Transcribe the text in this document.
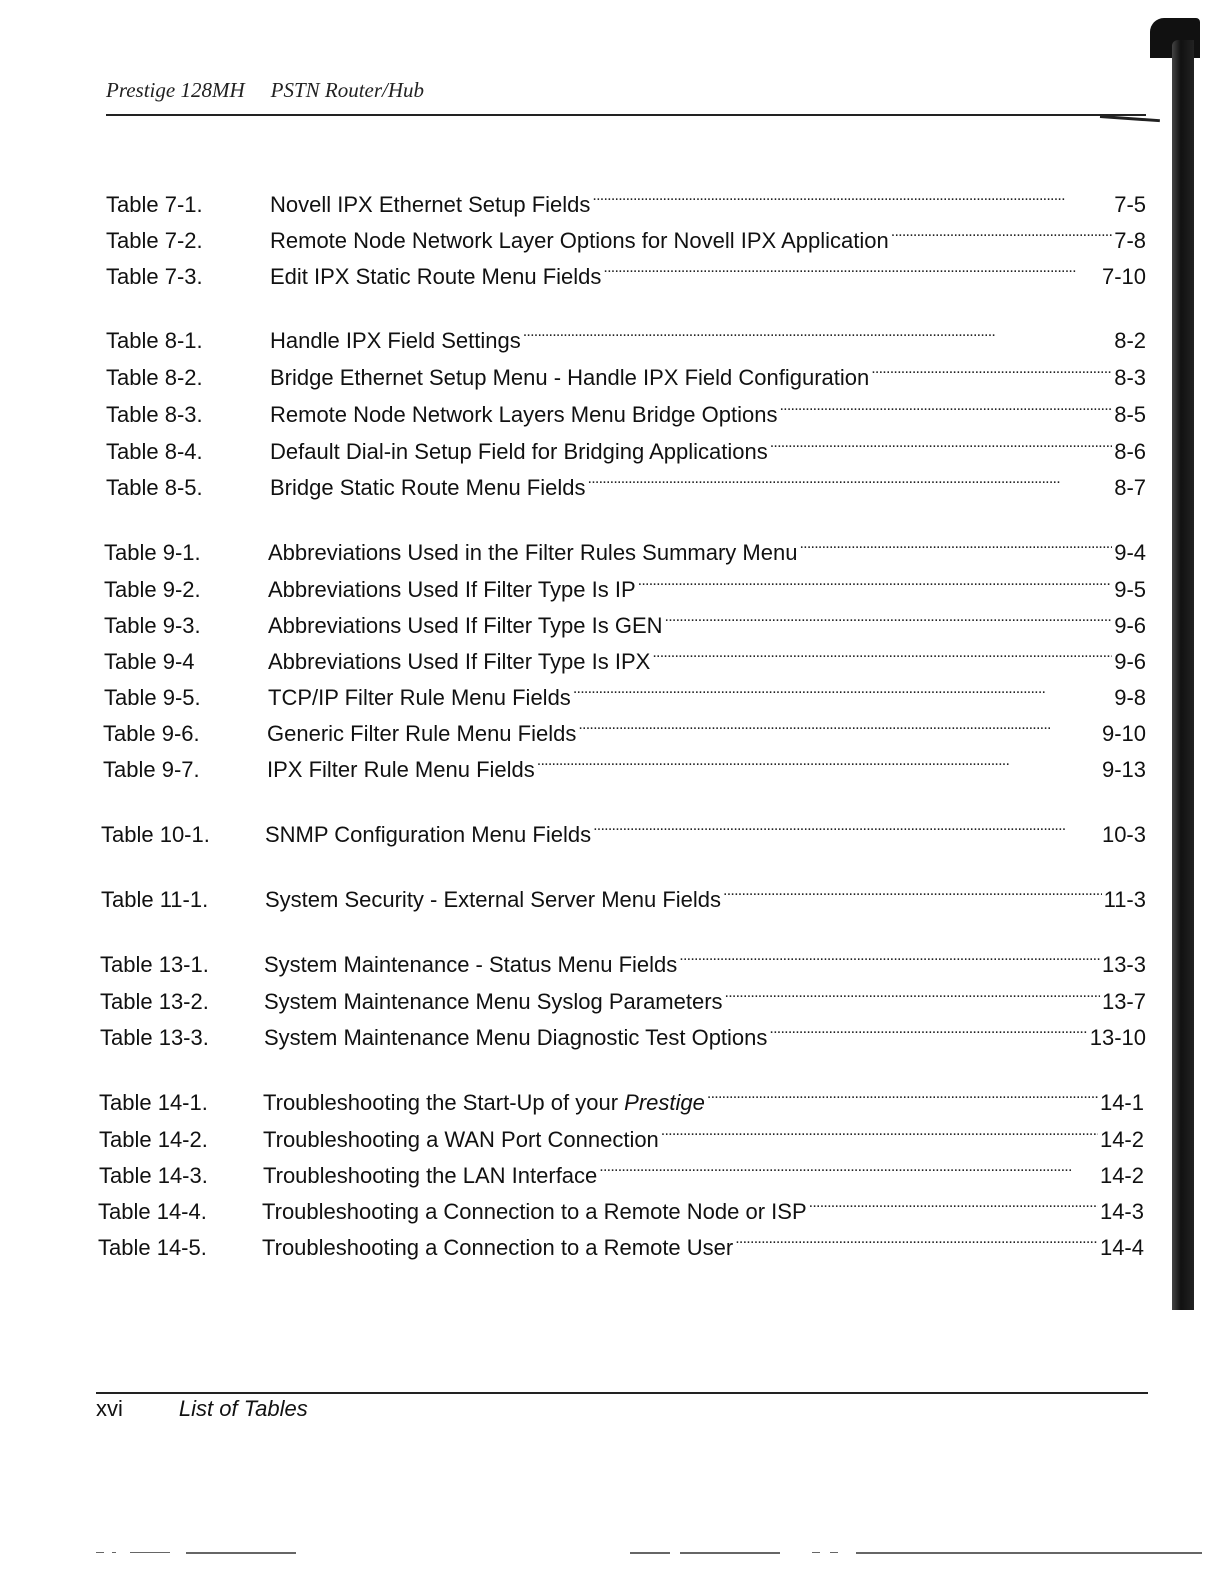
Prestige 128MH PSTN Router/Hub
Table 7-1.	Novell IPX Ethernet Setup Fields . . .	7-5
Table 7-2.	Remote Node Network Layer Options for Novell IPX Application . . .	7-8
Table 7-3.	Edit IPX Static Route Menu Fields . . .	7-10
Table 8-1.	Handle IPX Field Settings . . .	8-2
Table 8-2.	Bridge Ethernet Setup Menu - Handle IPX Field Configuration . . .	8-3
Table 8-3.	Remote Node Network Layers Menu Bridge Options . . .	8-5
Table 8-4.	Default Dial-in Setup Field for Bridging Applications . . .	8-6
Table 8-5.	Bridge Static Route Menu Fields . . .	8-7
Table 9-1.	Abbreviations Used in the Filter Rules Summary Menu . . .	9-4
Table 9-2.	Abbreviations Used If Filter Type Is IP . . .	9-5
Table 9-3.	Abbreviations Used If Filter Type Is GEN . . .	9-6
Table 9-4	Abbreviations Used If Filter Type Is IPX . . .	9-6
Table 9-5.	TCP/IP Filter Rule Menu Fields . . .	9-8
Table 9-6.	Generic Filter Rule Menu Fields . . .	9-10
Table 9-7.	IPX Filter Rule Menu Fields . . .	9-13
Table 10-1.	SNMP Configuration Menu Fields . . .	10-3
Table 11-1.	System Security - External Server Menu Fields . . .	11-3
Table 13-1.	System Maintenance - Status Menu Fields . . .	13-3
Table 13-2.	System Maintenance Menu Syslog Parameters . . .	13-7
Table 13-3.	System Maintenance Menu Diagnostic Test Options . . .	13-10
Table 14-1.	Troubleshooting the Start-Up of your
Prestige . . .	14-1
Table 14-2.	Troubleshooting a WAN Port Connection . . .	14-2
Table 14-3.	Troubleshooting the LAN Interface . . .	14-2
Table 14-4.	Troubleshooting a Connection to a Remote Node or ISP . . .	14-3
Table 14-5.	Troubleshooting a Connection to a Remote User . . .	14-4
xvi	List of Tables
